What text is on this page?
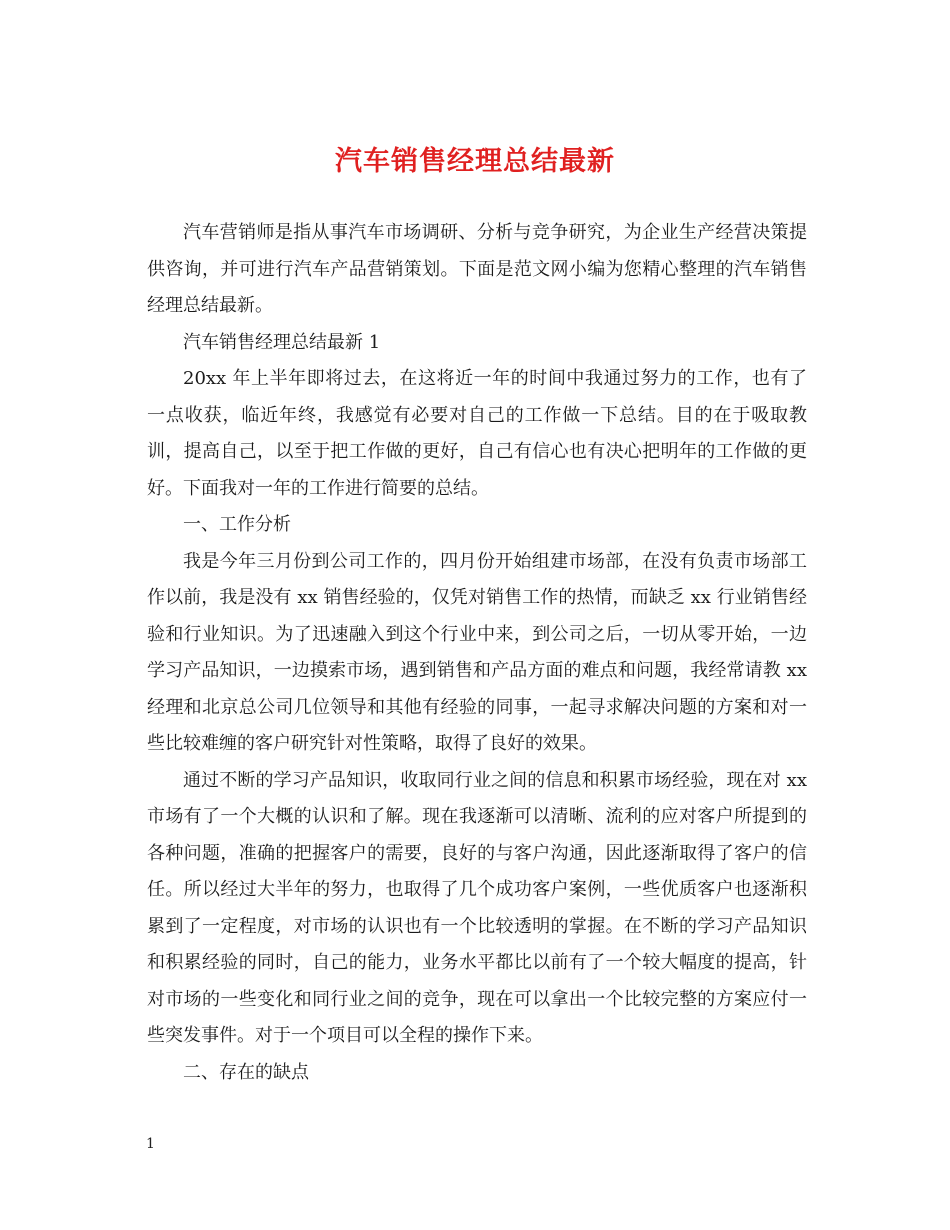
汽车销售经理总结最新

汽车营销师是指从事汽车市场调研、分析与竞争研究，为企业生产经营决策提供咨询，并可进行汽车产品营销策划。下面是范文网小编为您精心整理的汽车销售经理总结最新。

汽车销售经理总结最新 1

20xx 年上半年即将过去，在这将近一年的时间中我通过努力的工作，也有了一点收获，临近年终，我感觉有必要对自己的工作做一下总结。目的在于吸取教训，提高自己，以至于把工作做的更好，自己有信心也有决心把明年的工作做的更好。下面我对一年的工作进行简要的总结。

一、工作分析

我是今年三月份到公司工作的，四月份开始组建市场部，在没有负责市场部工作以前，我是没有 xx 销售经验的，仅凭对销售工作的热情，而缺乏 xx 行业销售经验和行业知识。为了迅速融入到这个行业中来，到公司之后，一切从零开始，一边学习产品知识，一边摸索市场，遇到销售和产品方面的难点和问题，我经常请教 xx 经理和北京总公司几位领导和其他有经验的同事，一起寻求解决问题的方案和对一些比较难缠的客户研究针对性策略，取得了良好的效果。

通过不断的学习产品知识，收取同行业之间的信息和积累市场经验，现在对 xx 市场有了一个大概的认识和了解。现在我逐渐可以清晰、流利的应对客户所提到的各种问题，准确的把握客户的需要，良好的与客户沟通，因此逐渐取得了客户的信任。所以经过大半年的努力，也取得了几个成功客户案例，一些优质客户也逐渐积累到了一定程度，对市场的认识也有一个比较透明的掌握。在不断的学习产品知识和积累经验的同时，自己的能力，业务水平都比以前有了一个较大幅度的提高，针对市场的一些变化和同行业之间的竞争，现在可以拿出一个比较完整的方案应付一些突发事件。对于一个项目可以全程的操作下来。

二、存在的缺点

1
